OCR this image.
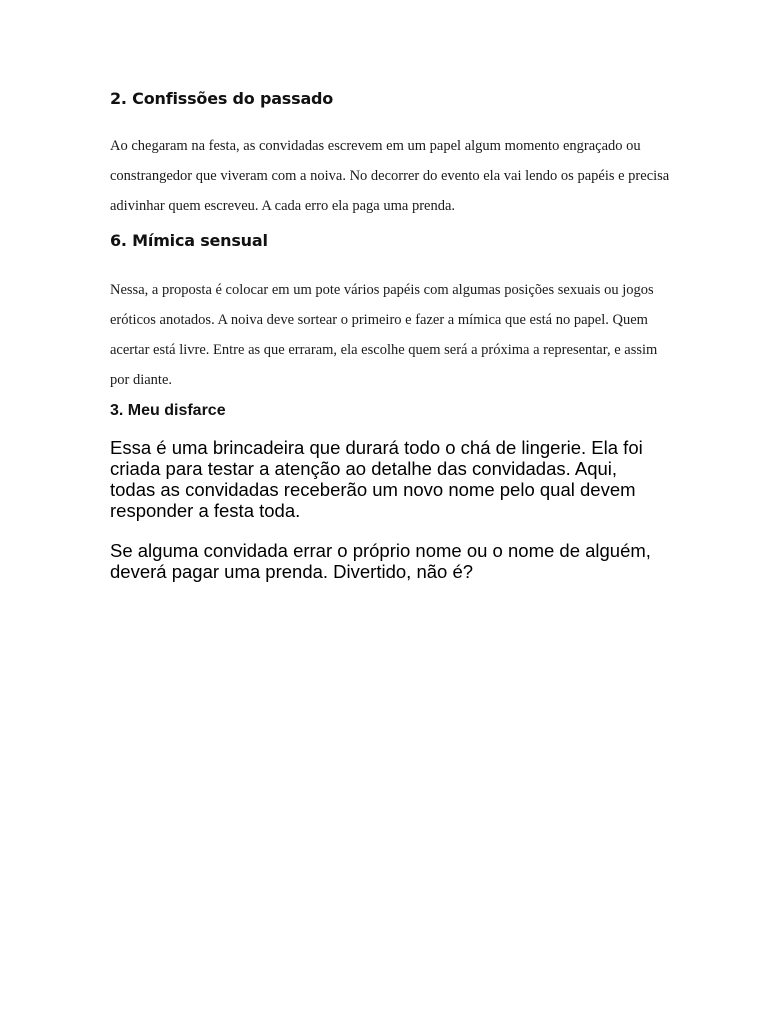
2. Confissões do passado

Ao chegaram na festa, as convidadas escrevem em um papel algum momento engraçado ou constrangedor que viveram com a noiva. No decorrer do evento ela vai lendo os papéis e precisa adivinhar quem escreveu. A cada erro ela paga uma prenda.

6. Mímica sensual

Nessa, a proposta é colocar em um pote vários papéis com algumas posições sexuais ou jogos eróticos anotados. A noiva deve sortear o primeiro e fazer a mímica que está no papel. Quem acertar está livre. Entre as que erraram, ela escolhe quem será a próxima a representar, e assim por diante.

3. Meu disfarce

Essa é uma brincadeira que durará todo o chá de lingerie. Ela foi criada para testar a atenção ao detalhe das convidadas. Aqui, todas as convidadas receberão um novo nome pelo qual devem responder a festa toda.

Se alguma convidada errar o próprio nome ou o nome de alguém, deverá pagar uma prenda. Divertido, não é?
